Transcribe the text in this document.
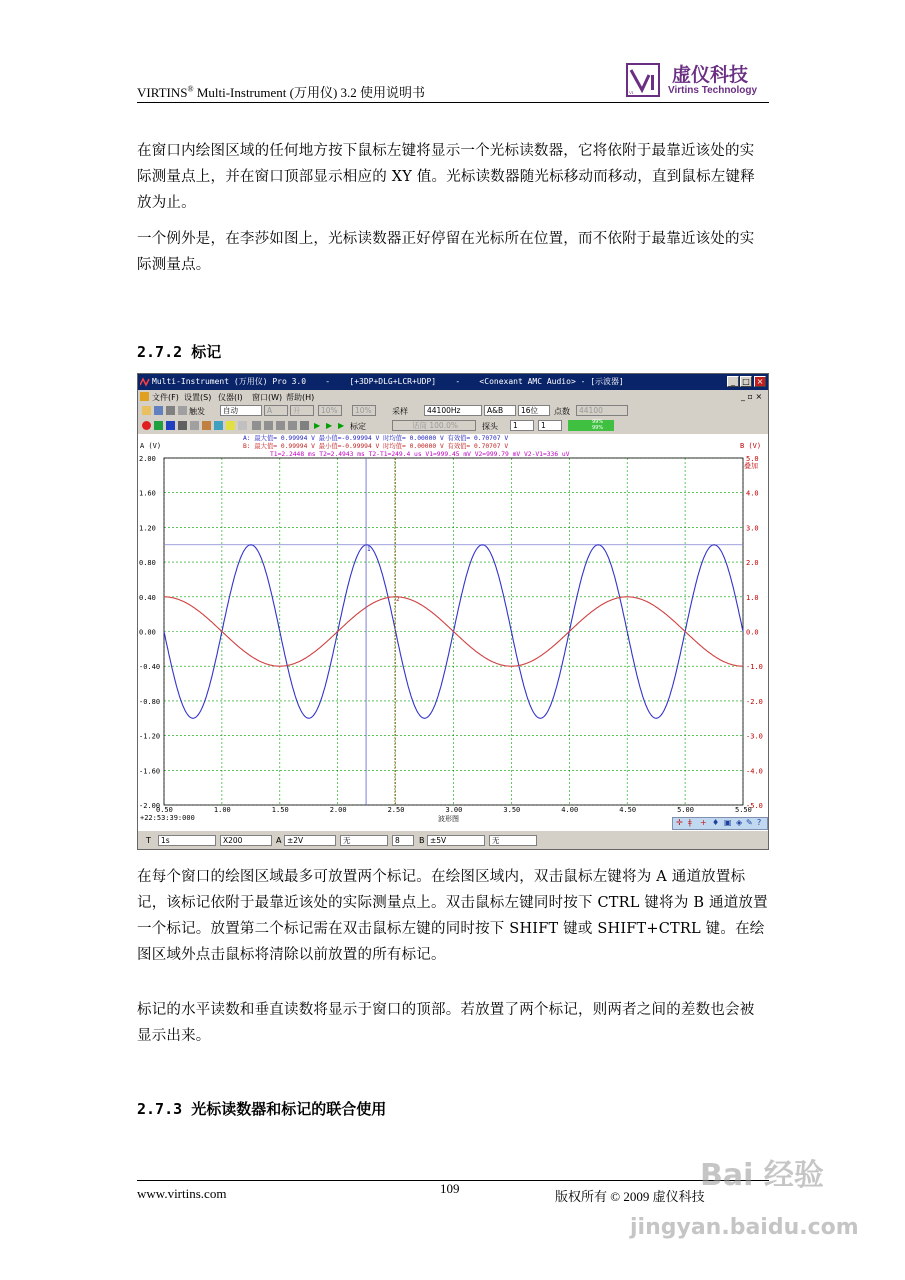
VIRTINS® Multi-Instrument (万用仪) 3.2 使用说明书	VI
虚仪科技
Virtins Technology
在窗口内绘图区域的任何地方按下鼠标左键将显示一个光标读数器，它将依附于最靠近该处的实际测量点上，并在窗口顶部显示相应的 XY 值。光标读数器随光标移动而移动，直到鼠标左键释放为止。
一个例外是，在李莎如图上，光标读数器正好停留在光标所在位置，而不依附于最靠近该处的实际测量点。
2.7.2 标记
Multi-Instrument (万用仪) Pro 3.0    -    [+3DP+DLG+LCR+UDP]    -    <Conexant AMC Audio> - [示波器]	_ □ ×
文件(F) 设置(S) 仪器(I) 窗口(W) 帮助(H)	_ ▫ ×
触发	自动	A	升	10%	10%	采样	44100Hz	A&B	16位	点数	44100
▶ ▶ ▶ 标定	话筒 100.0%	探头	1	1	99%
99%
A: 最大值= 0.99994 V 最小值=-0.99994 V 时均值= 0.00000 V 有效值= 0.70707 V
B: 最大值= 0.99994 V 最小值=-0.99994 V 时均值= 0.00000 V 有效值= 0.70707 V
T1=2.2448 ms T2=2.4943 ms T2-T1=249.4 us V1=999.45 mV V2=999.79 mV V2-V1=336 uV
A (V)	B (V)
叠加
+22:53:39:000	波形图
0.50	1.00	1.50	2.00	2.50	3.00	3.50	4.00	4.50	5.00	5.50
2.00
1.60
1.20
0.80
0.40
0.00
-0.40
-0.80
-1.20
-1.60
-2.00
5.0
4.0
3.0
2.0
1.0
0.0
-1.0
-2.0
-3.0
-4.0
-5.0
1
2
✛ ǂ + ♦ ▣ ◈ ✎ ?
T	1s	X200	A ±2V	无	8	B ±5V	无
在每个窗口的绘图区域最多可放置两个标记。在绘图区域内，双击鼠标左键将为 A 通道放置标记，该标记依附于最靠近该处的实际测量点上。双击鼠标左键同时按下 CTRL 键将为 B 通道放置一个标记。放置第二个标记需在双击鼠标左键的同时按下 SHIFT 键或 SHIFT+CTRL 键。在绘图区域外点击鼠标将清除以前放置的所有标记。
标记的水平读数和垂直读数将显示于窗口的顶部。若放置了两个标记，则两者之间的差数也会被显示出来。
2.7.3 光标读数器和标记的联合使用
www.virtins.com	109
版权所有 © 2009 虚仪科技
Bai 经验
jingyan.baidu.com
